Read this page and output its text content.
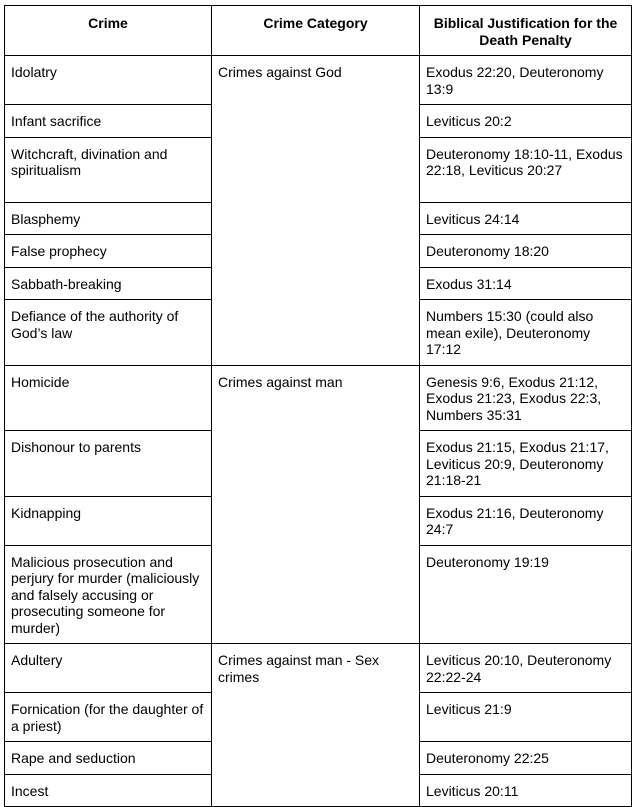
Crime	Crime Category	Biblical Justification for the Death Penalty
Idolatry	Crimes against God	Exodus 22:20, Deuteronomy 13:9
Infant sacrifice		Leviticus 20:2
Witchcraft, divination and spiritualism		Deuteronomy 18:10-11, Exodus 22:18, Leviticus 20:27
Blasphemy		Leviticus 24:14
False prophecy		Deuteronomy 18:20
Sabbath-breaking		Exodus 31:14
Defiance of the authority of God’s law		Numbers 15:30 (could also mean exile), Deuteronomy 17:12
Homicide	Crimes against man	Genesis 9:6, Exodus 21:12, Exodus 21:23, Exodus 22:3, Numbers 35:31
Dishonour to parents		Exodus 21:15, Exodus 21:17, Leviticus 20:9, Deuteronomy 21:18-21
Kidnapping		Exodus 21:16, Deuteronomy 24:7
Malicious prosecution and perjury for murder (maliciously and falsely accusing or prosecuting someone for murder)		Deuteronomy 19:19
Adultery	Crimes against man - Sex crimes	Leviticus 20:10, Deuteronomy 22:22-24
Fornication (for the daughter of a priest)		Leviticus 21:9
Rape and seduction		Deuteronomy 22:25
Incest		Leviticus 20:11
